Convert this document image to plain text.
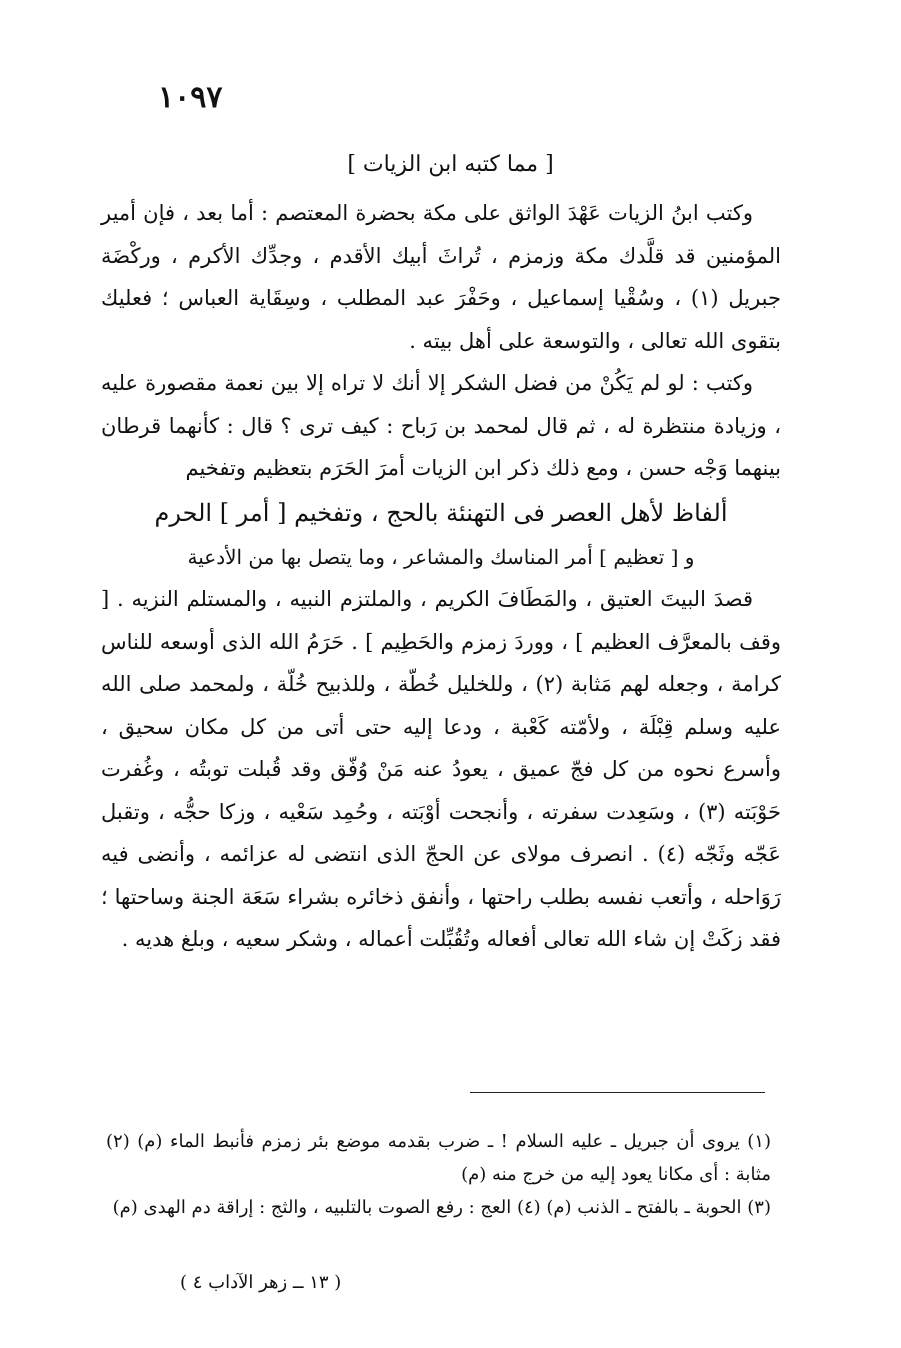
١٠٩٧
[ مما كتبه ابن الزيات ]

وكتب ابنُ الزيات عَهْدَ الواثق على مكة بحضرة المعتصم : أما بعد ، فإن أمير المؤمنين قد قلَّدك مكة وزمزم ، تُراثَ أبيك الأقدم ، وجدِّك الأكرم ، وركْضَة جبريل (١) ، وسُقْيا إسماعيل ، وحَفْرَ عبد المطلب ، وسِقَاية العباس ؛ فعليك بتقوى الله تعالى ، والتوسعة على أهل بيته .

وكتب : لو لم يَكُنْ من فضل الشكر إلا أنك لا تراه إلا بين نعمة مقصورة عليه ، وزيادة منتظرة له ، ثم قال لمحمد بن رَباح : كيف ترى ؟ قال : كأنهما قرطان بينهما وَجْه حسن ، ومع ذلك ذكر ابن الزيات أمرَ الحَرَم بتعظيم وتفخيم

ألفاظ لأهل العصر فى التهنئة بالحج ، وتفخيم [ أمر ] الحرم

و [ تعظيم ] أمر المناسك والمشاعر ، وما يتصل بها من الأدعية

قصدَ البيتَ العتيق ، والمَطَافَ الكريم ، والملتزم النبيه ، والمستلم النزيه . [ وقف بالمعرَّف العظيم ] ، ووردَ زمزم والحَطِيم ] . حَرَمُ الله الذى أوسعه للناس كرامة ، وجعله لهم مَثابة (٢) ، وللخليل خُطّة ، وللذبيح خُلّة ، ولمحمد صلى الله عليه وسلم قِبْلَة ، ولأمّته كَعْبة ، ودعا إليه حتى أتى من كل مكان سحيق ، وأسرع نحوه من كل فجّ عميق ، يعودُ عنه مَنْ وُفّق وقد قُبلت توبتُه ، وغُفرت حَوْبَته (٣) ، وسَعِدت سفرته ، وأنجحت أوْبَته ، وحُمِد سَعْيه ، وزكا حجُّه ، وتقبل عَجّه وثَجّه (٤) . انصرف مولاى عن الحجّ الذى انتضى له عزائمه ، وأنضى فيه رَوَاحله ، وأتعب نفسه بطلب راحتها ، وأنفق ذخائره بشراء سَعَة الجنة وساحتها ؛ فقد زكَتْ إن شاء الله تعالى أفعاله وتُقُبِّلت أعماله ، وشكر سعيه ، وبلغ هديه .

(١) يروى أن جبريل ـ عليه السلام ! ـ ضرب بقدمه موضع بئر زمزم فأنبط الماء (م) (٢) مثابة : أى مكانا يعود إليه من خرج منه (م)

(٣) الحوبة ـ بالفتح ـ الذنب (م) (٤) العج : رفع الصوت بالتلبيه ، والثج : إراقة دم الهدى (م)

( ١٣ ــ زهر الآداب ٤ )
